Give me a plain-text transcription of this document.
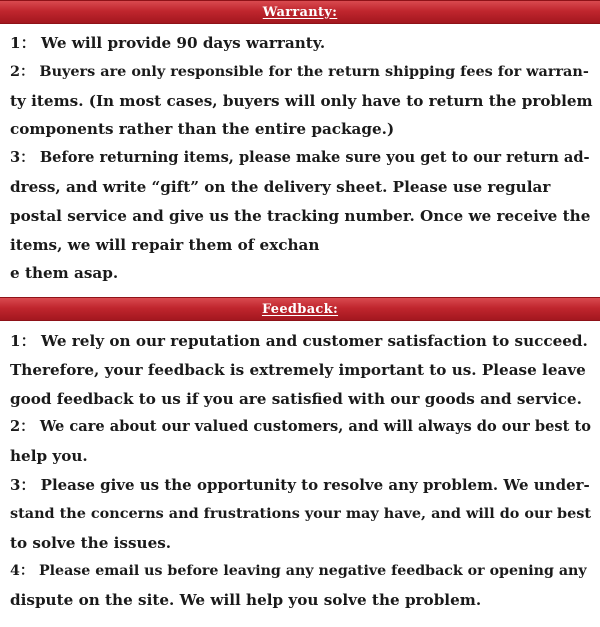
Warranty:
1： We will provide 90 days warranty.
2： Buyers are only responsible for the return shipping fees for warran-
ty items. (In most cases, buyers will only have to return the problem
components rather than the entire package.)
3： Before returning items, please make sure you get to our return ad-
dress, and write “gift” on the delivery sheet. Please use regular
postal service and give us the tracking number. Once we receive the
items, we will repair them of exchan
e them asap.
Feedback:
1： We rely on our reputation and customer satisfaction to succeed.
Therefore, your feedback is extremely important to us. Please leave
good feedback to us if you are satisfied with our goods and service.
2： We care about our valued customers, and will always do our best to
help you.
3： Please give us the opportunity to resolve any problem. We under-
stand the concerns and frustrations your may have, and will do our best
to solve the issues.
4： Please email us before leaving any negative feedback or opening any
dispute on the site. We will help you solve the problem.
